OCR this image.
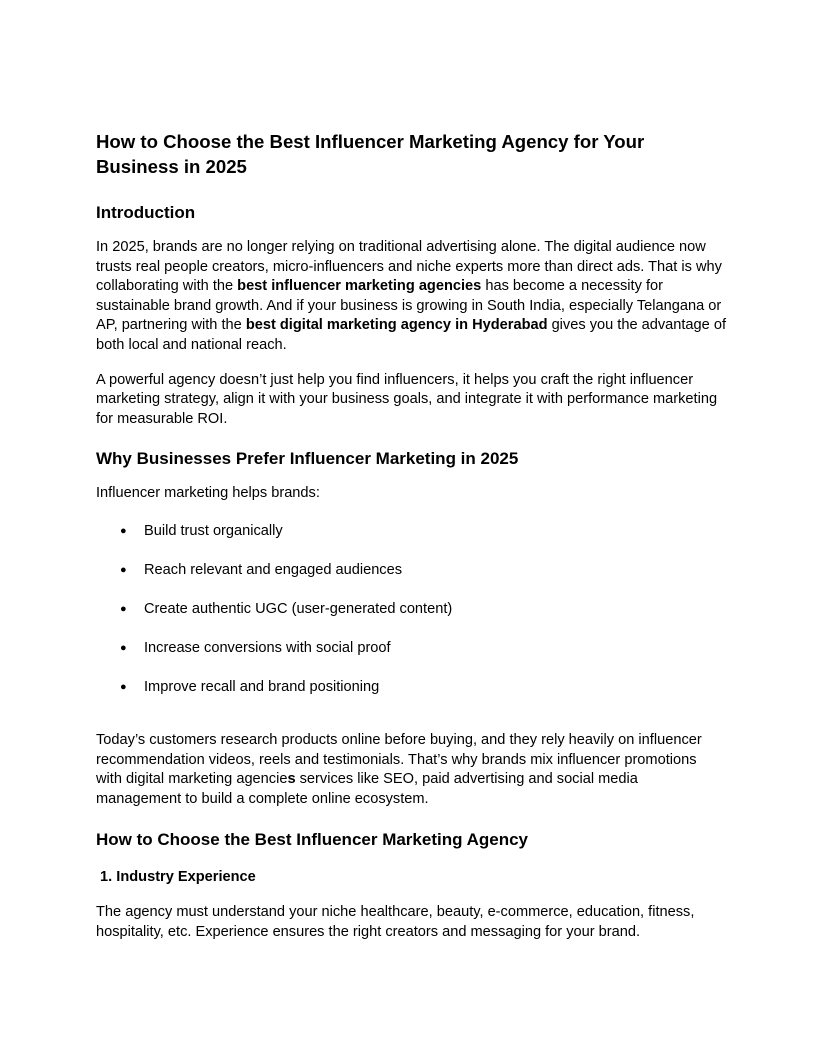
How to Choose the Best Influencer Marketing Agency for Your Business in 2025
Introduction

In 2025, brands are no longer relying on traditional advertising alone. The digital audience now trusts real people creators, micro-influencers and niche experts more than direct ads. That is why collaborating with the best influencer marketing agencies has become a necessity for sustainable brand growth. And if your business is growing in South India, especially Telangana or AP, partnering with the best digital marketing agency in Hyderabad gives you the advantage of both local and national reach.

A powerful agency doesn’t just help you find influencers, it helps you craft the right influencer marketing strategy, align it with your business goals, and integrate it with performance marketing for measurable ROI.

Why Businesses Prefer Influencer Marketing in 2025

Influencer marketing helps brands:

● Build trust organically
● Reach relevant and engaged audiences
● Create authentic UGC (user-generated content)
● Increase conversions with social proof
● Improve recall and brand positioning

Today’s customers research products online before buying, and they rely heavily on influencer recommendation videos, reels and testimonials. That’s why brands mix influencer promotions with digital marketing agencies services like SEO, paid advertising and social media management to build a complete online ecosystem.

How to Choose the Best Influencer Marketing Agency
1. Industry Experience

The agency must understand your niche healthcare, beauty, e-commerce, education, fitness, hospitality, etc. Experience ensures the right creators and messaging for your brand.
